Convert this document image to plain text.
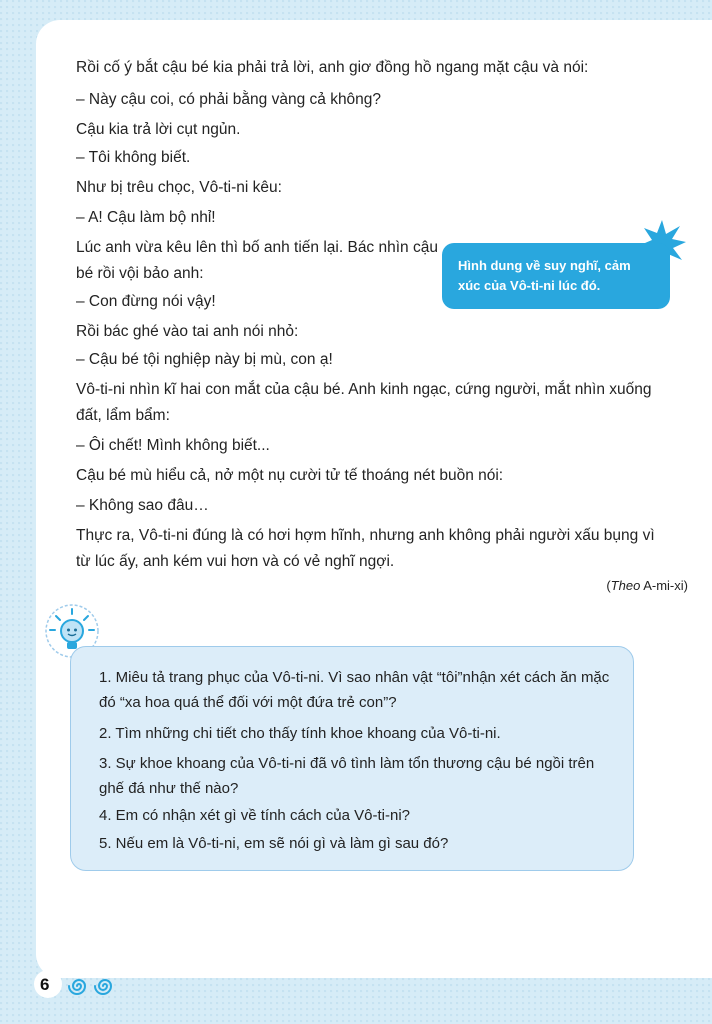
Rồi cố ý bắt cậu bé kia phải trả lời, anh giơ đồng hồ ngang mặt cậu và nói:

– Này cậu coi, có phải bằng vàng cả không?

Cậu kia trả lời cụt ngủn.

– Tôi không biết.

Như bị trêu chọc, Vô-ti-ni kêu:

– A! Cậu làm bộ nhỉ!

Lúc anh vừa kêu lên thì bố anh tiến lại. Bác nhìn cậu

bé rồi vội bảo anh:

– Con đừng nói vậy!

Rồi bác ghé vào tai anh nói nhỏ:

– Cậu bé tội nghiệp này bị mù, con ạ!

Vô-ti-ni nhìn kĩ hai con mắt của cậu bé. Anh kinh ngạc, cứng người, mắt nhìn xuống

đất, lẩm bẩm:

– Ôi chết! Mình không biết...

Cậu bé mù hiểu cả, nở một nụ cười tử tế thoáng nét buồn nói:

– Không sao đâu…

Thực ra, Vô-ti-ni đúng là có hơi hợm hĩnh, nhưng anh không phải người xấu bụng vì

từ lúc ấy, anh kém vui hơn và có vẻ nghĩ ngợi.

(Theo A-mi-xi)
Hình dung về suy nghĩ, cảm xúc của Vô-ti-ni lúc đó.

1. Miêu tả trang phục của Vô-ti-ni. Vì sao nhân vật “tôi”nhận xét cách ăn mặc đó “xa hoa quá thể đối với một đứa trẻ con”?

2. Tìm những chi tiết cho thấy tính khoe khoang của Vô-ti-ni.

3. Sự khoe khoang của Vô-ti-ni đã vô tình làm tổn thương cậu bé ngồi trên ghế đá như thế nào?

4. Em có nhận xét gì về tính cách của Vô-ti-ni?

5. Nếu em là Vô-ti-ni, em sẽ nói gì và làm gì sau đó?

6
